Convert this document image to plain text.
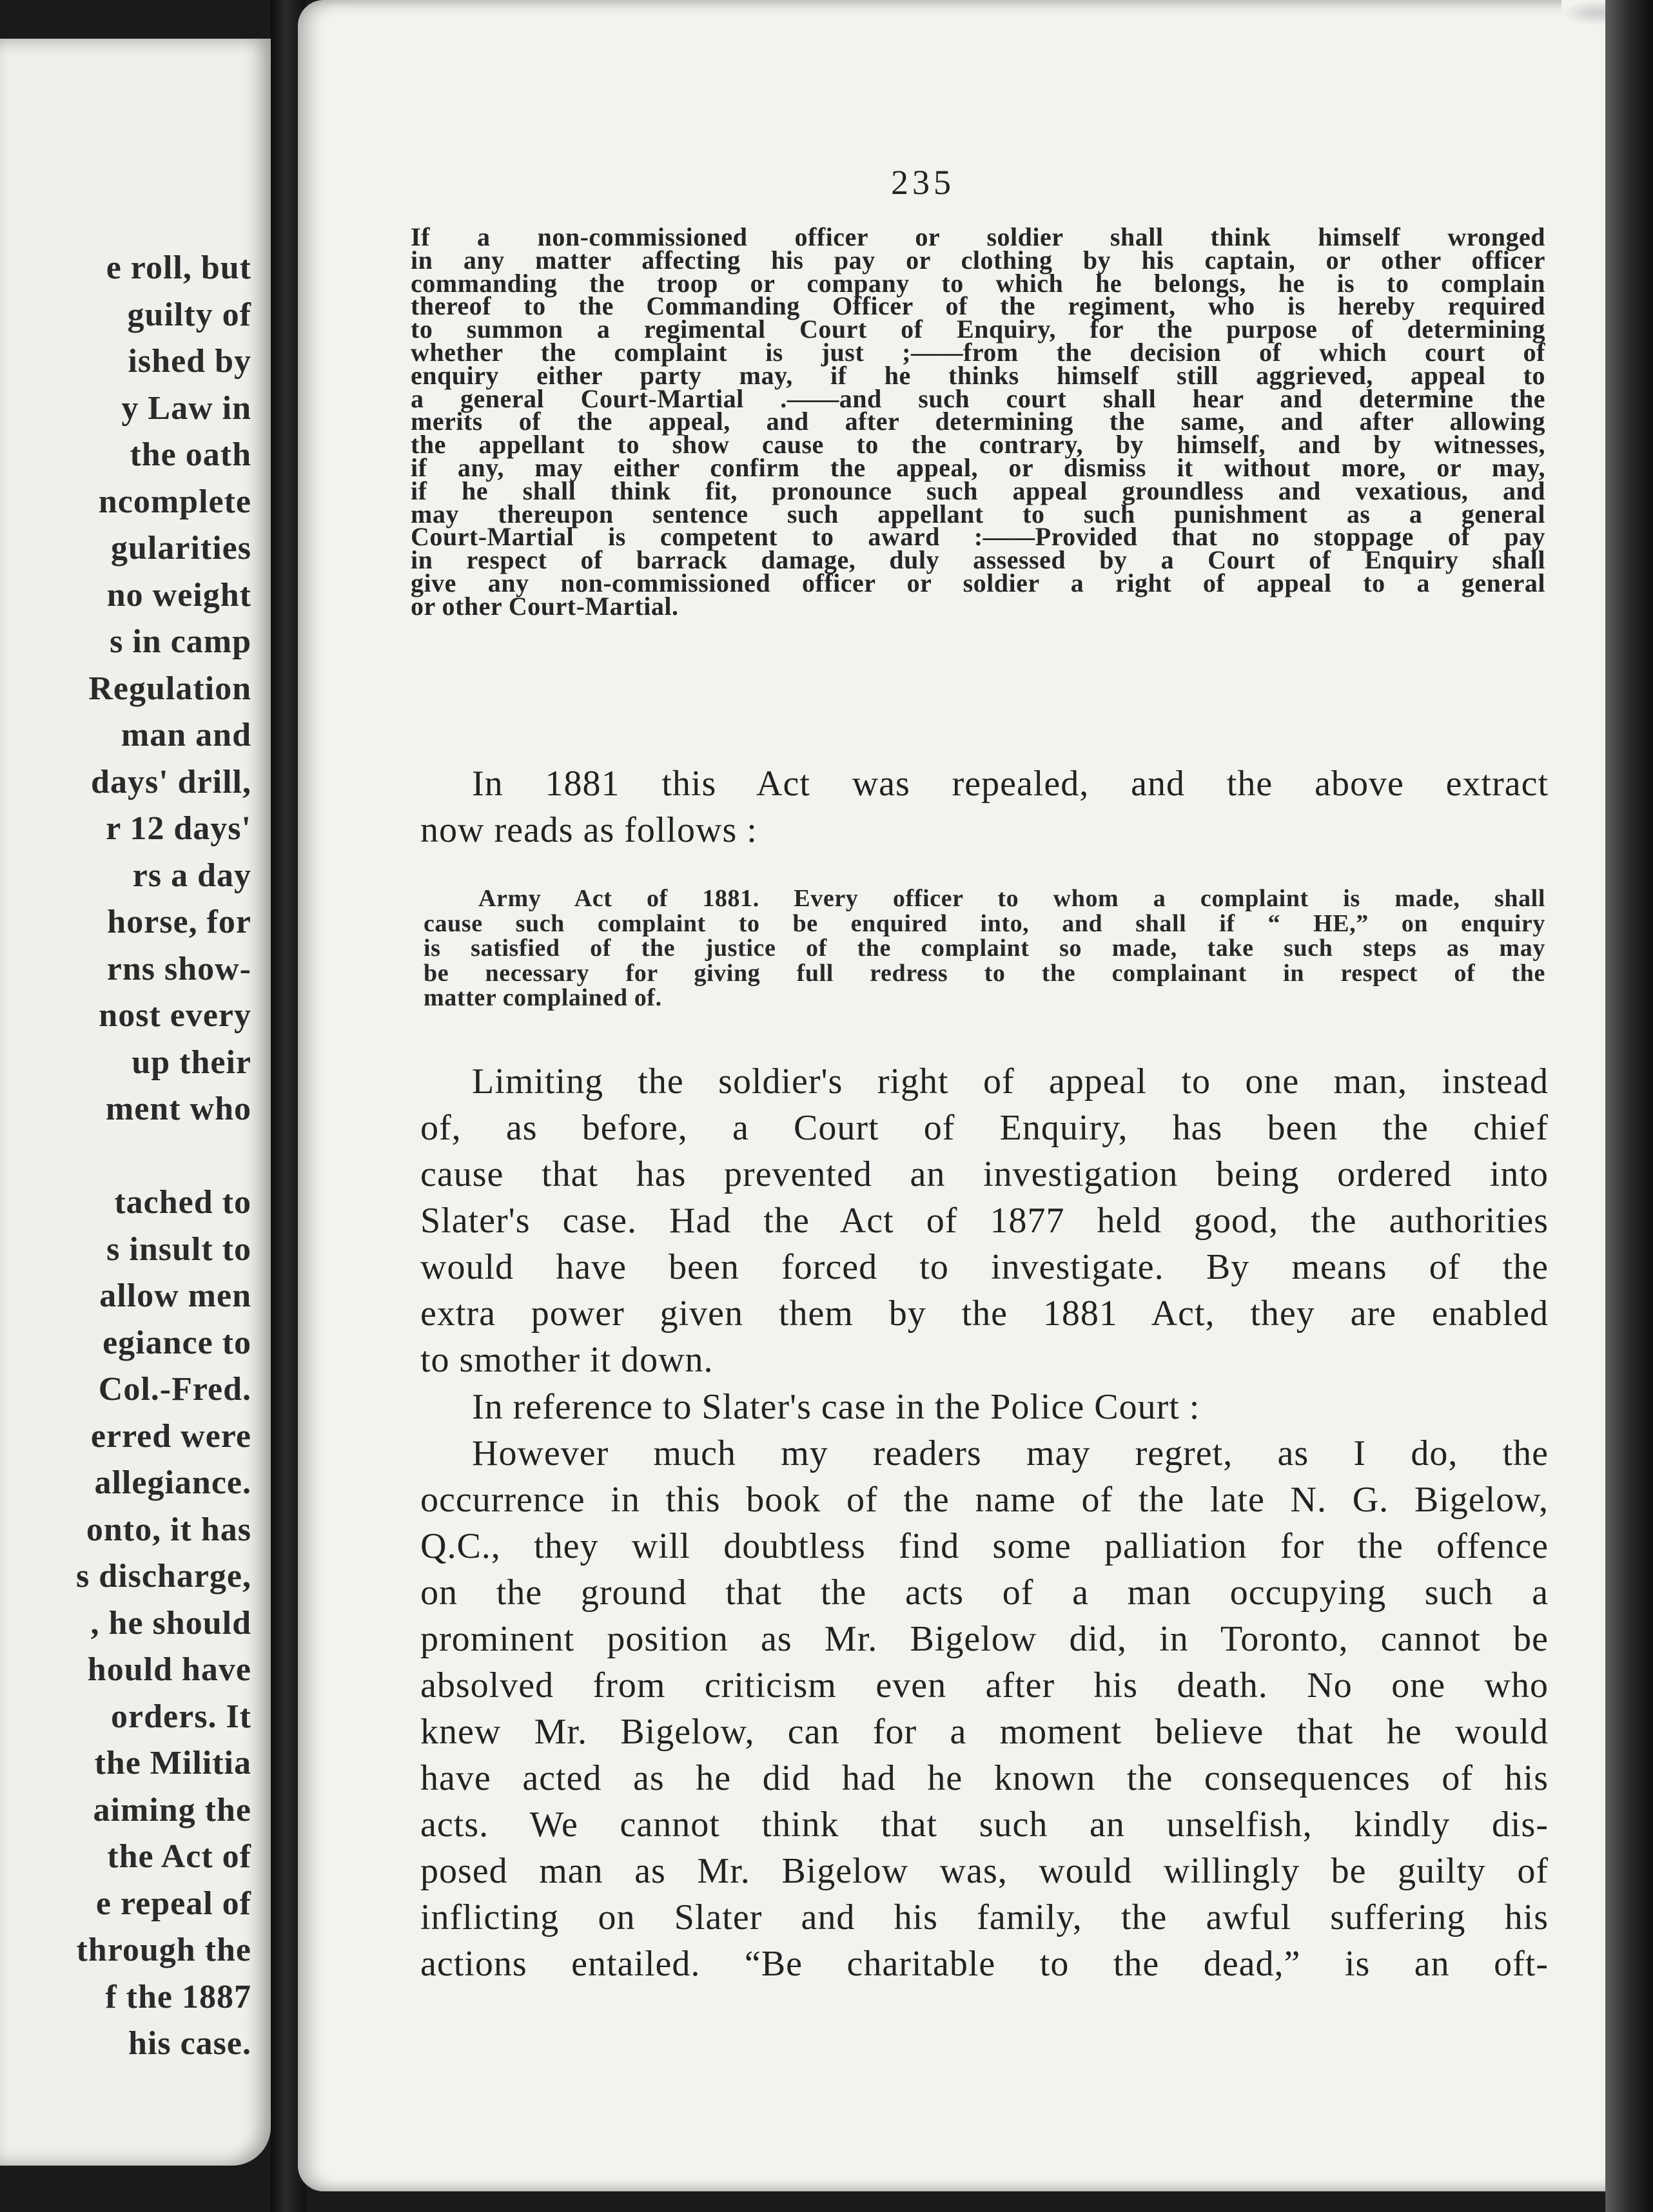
e roll, but
guilty of
ished by
y Law in
the oath
ncomplete
gularities
no weight
s in camp
Regulation
man and
days' drill,
r 12 days'
rs a day
horse, for
rns show-
nost every
up their
ment who

tached to
s insult to
allow men
egiance to
Col.-Fred.
erred were
allegiance.
onto, it has
s discharge,
, he should
hould have
orders. It
the Militia
aiming the
the Act of
e repeal of
through the
f the 1887
his case.
235
If a non-commissioned officer or soldier shall think himself wronged
in any matter affecting his pay or clothing by his captain, or other officer
commanding the troop or company to which he belongs, he is to complain
thereof to the Commanding Officer of the regiment, who is hereby required
to summon a regimental Court of Enquiry, for the purpose of determining
whether the complaint is just ;——from the decision of which court of
enquiry either party may, if he thinks himself still aggrieved, appeal to
a general Court-Martial .——and such court shall hear and determine the
merits of the appeal, and after determining the same, and after allowing
the appellant to show cause to the contrary, by himself, and by witnesses,
if any, may either confirm the appeal, or dismiss it without more, or may,
if he shall think fit, pronounce such appeal groundless and vexatious, and
may thereupon sentence such appellant to such punishment as a general
Court-Martial is competent to award :——Provided that no stoppage of pay
in respect of barrack damage, duly assessed by a Court of Enquiry shall
give any non-commissioned officer or soldier a right of appeal to a general
or other Court-Martial.
In 1881 this Act was repealed, and the above extract
now reads as follows :
Army Act of 1881. Every officer to whom a complaint is made, shall
cause such complaint to be enquired into, and shall if “ HE,” on enquiry
is satisfied of the justice of the complaint so made, take such steps as may
be necessary for giving full redress to the complainant in respect of the
matter complained of.
Limiting the soldier's right of appeal to one man, instead
of, as before, a Court of Enquiry, has been the chief
cause that has prevented an investigation being ordered into
Slater's case. Had the Act of 1877 held good, the authorities
would have been forced to investigate. By means of the
extra power given them by the 1881 Act, they are enabled
to smother it down.
In reference to Slater's case in the Police Court :
However much my readers may regret, as I do, the
occurrence in this book of the name of the late N. G. Bigelow,
Q.C., they will doubtless find some palliation for the offence
on the ground that the acts of a man occupying such a
prominent position as Mr. Bigelow did, in Toronto, cannot be
absolved from criticism even after his death. No one who
knew Mr. Bigelow, can for a moment believe that he would
have acted as he did had he known the consequences of his
acts. We cannot think that such an unselfish, kindly dis-
posed man as Mr. Bigelow was, would willingly be guilty of
inflicting on Slater and his family, the awful suffering his
actions entailed. “Be charitable to the dead,” is an oft-
